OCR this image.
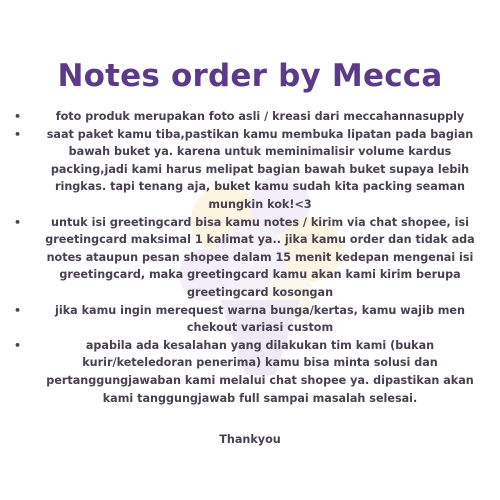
Notes order by Mecca
•	foto produk merupakan foto asli / kreasi dari meccahannasupply
• saat paket kamu tiba,pastikan kamu membuka lipatan pada bagian bawah buket ya. karena untuk meminimalisir volume kardus packing,jadi kami harus melipat bagian bawah buket supaya lebih ringkas. tapi tenang aja, buket kamu sudah kita packing seaman mungkin kok!<3
•	untuk isi greetingcard bisa kamu notes / kirim via chat shopee, isi greetingcard maksimal 1 kalimat ya.. jika kamu order dan tidak ada notes ataupun pesan shopee dalam 15 menit kedepan mengenai isi greetingcard, maka greetingcard kamu akan kami kirim berupa greetingcard kosongan
•	jika kamu ingin merequest warna bunga/kertas, kamu wajib men chekout variasi custom
•	apabila ada kesalahan yang dilakukan tim kami (bukan kurir/keteledoran penerima) kamu bisa minta solusi dan pertanggungjawaban kami melalui chat shopee ya. dipastikan akan kami tanggungjawab full sampai masalah selesai.
Thankyou
